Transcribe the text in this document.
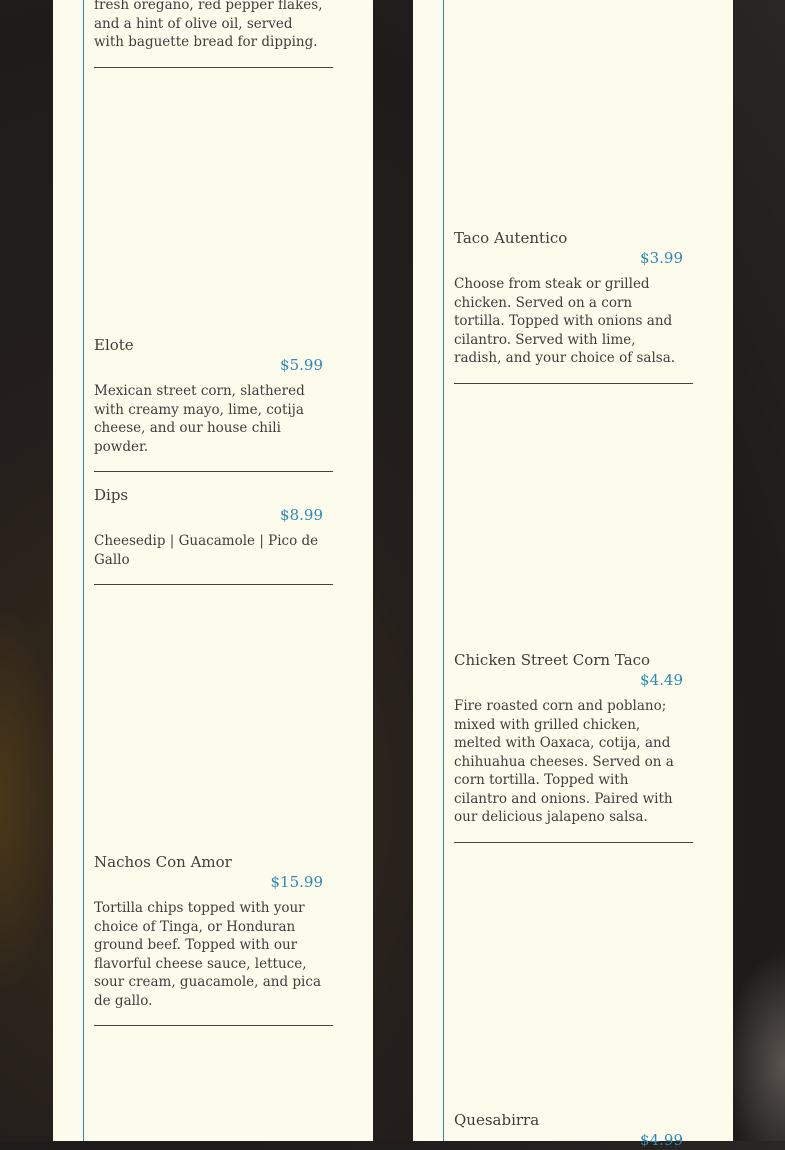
fresh oregano, red pepper flakes, and a hint of olive oil, served with baguette bread for dipping.
Elote
$5.99
Mexican street corn, slathered with creamy mayo, lime, cotija cheese, and our house chili powder.
Dips
$8.99
Cheesedip | Guacamole | Pico de Gallo
Nachos Con Amor
$15.99
Tortilla chips topped with your choice of Tinga, or Honduran ground beef. Topped with our flavorful cheese sauce, lettuce, sour cream, guacamole, and pica de gallo.
Taco Autentico
$3.99
Choose from steak or grilled chicken. Served on a corn tortilla. Topped with onions and cilantro. Served with lime, radish, and your choice of salsa.
Chicken Street Corn Taco
$4.49
Fire roasted corn and poblano; mixed with grilled chicken, melted with Oaxaca, cotija, and chihuahua cheeses. Served on a corn tortilla. Topped with cilantro and onions. Paired with our delicious jalapeno salsa.
Quesabirra
$4.99
